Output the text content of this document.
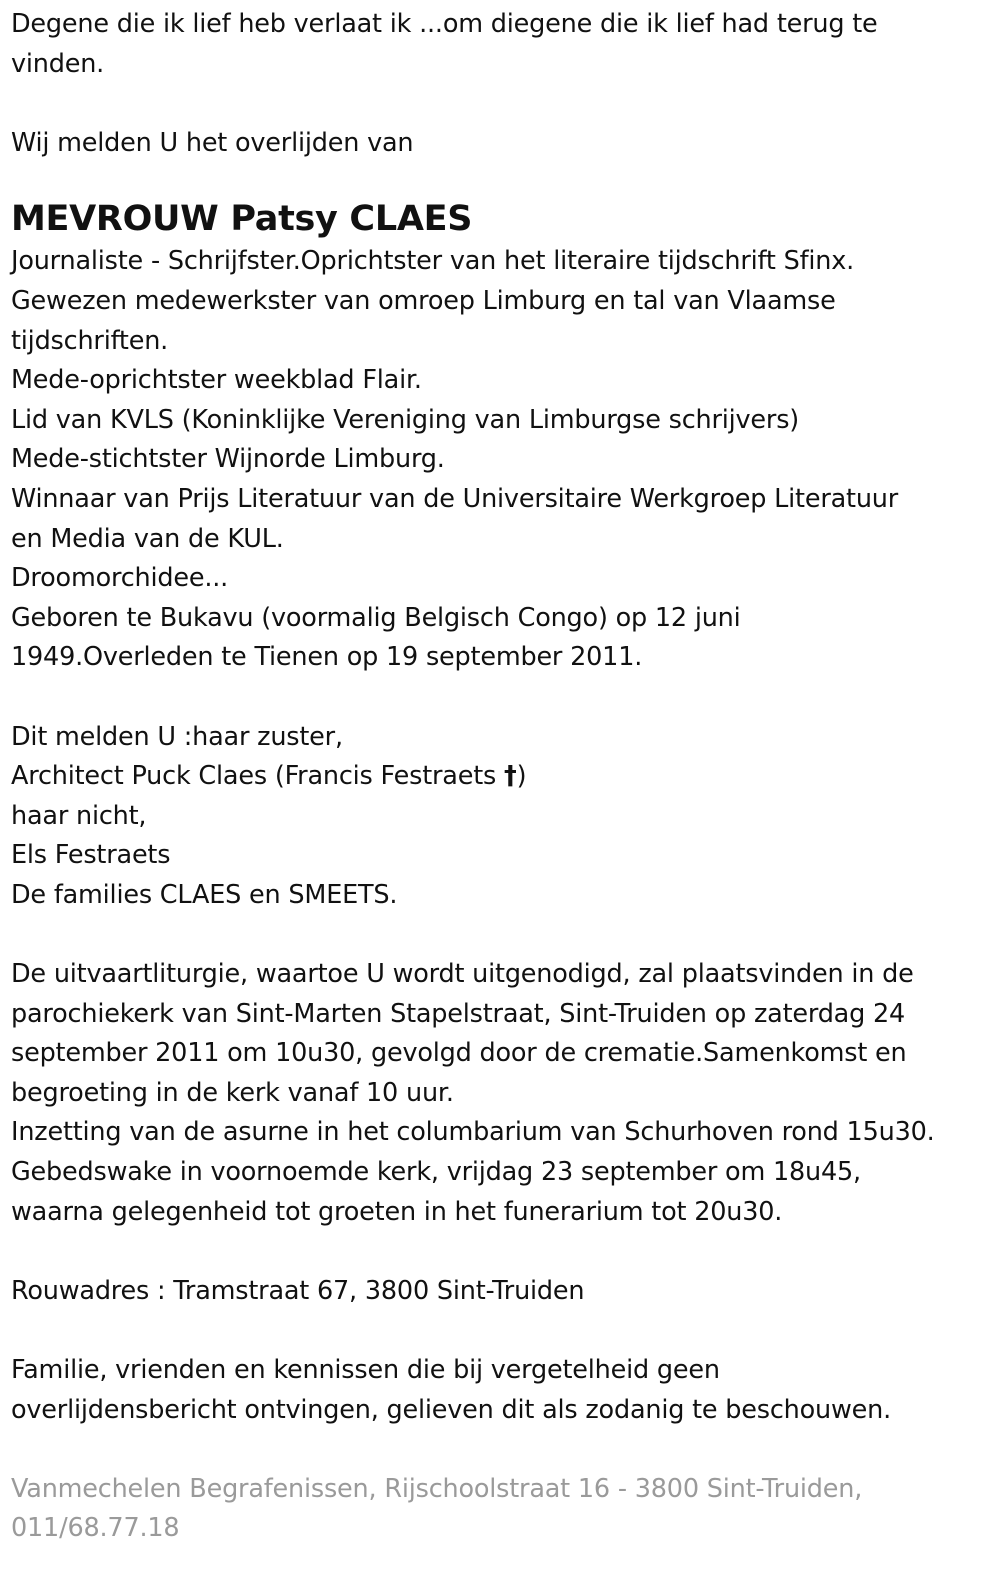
Degene die ik lief heb verlaat ik ...om diegene die ik lief had terug te
vinden.
Wij melden U het overlijden van
MEVROUW Patsy CLAES
Journaliste - Schrijfster.Oprichtster van het literaire tijdschrift Sfinx.
Gewezen medewerkster van omroep Limburg en tal van Vlaamse
tijdschriften.
Mede-oprichtster weekblad Flair.
Lid van KVLS (Koninklijke Vereniging van Limburgse schrijvers)
Mede-stichtster Wijnorde Limburg.
Winnaar van Prijs Literatuur van de Universitaire Werkgroep Literatuur
en Media van de KUL.
Droomorchidee...
Geboren te Bukavu (voormalig Belgisch Congo) op 12 juni
1949.Overleden te Tienen op 19 september 2011.
Dit melden U :haar zuster,
Architect Puck Claes (Francis Festraets †)
haar nicht,
Els Festraets
De families CLAES en SMEETS.
De uitvaartliturgie, waartoe U wordt uitgenodigd, zal plaatsvinden in de
parochiekerk van Sint-Marten Stapelstraat, Sint-Truiden op zaterdag 24
september 2011 om 10u30, gevolgd door de crematie.Samenkomst en
begroeting in de kerk vanaf 10 uur.
Inzetting van de asurne in het columbarium van Schurhoven rond 15u30.
Gebedswake in voornoemde kerk, vrijdag 23 september om 18u45,
waarna gelegenheid tot groeten in het funerarium tot 20u30.
Rouwadres : Tramstraat 67, 3800 Sint-Truiden
Familie, vrienden en kennissen die bij vergetelheid geen
overlijdensbericht ontvingen, gelieven dit als zodanig te beschouwen.
Vanmechelen Begrafenissen, Rijschoolstraat 16 - 3800 Sint-Truiden,
011/68.77.18
